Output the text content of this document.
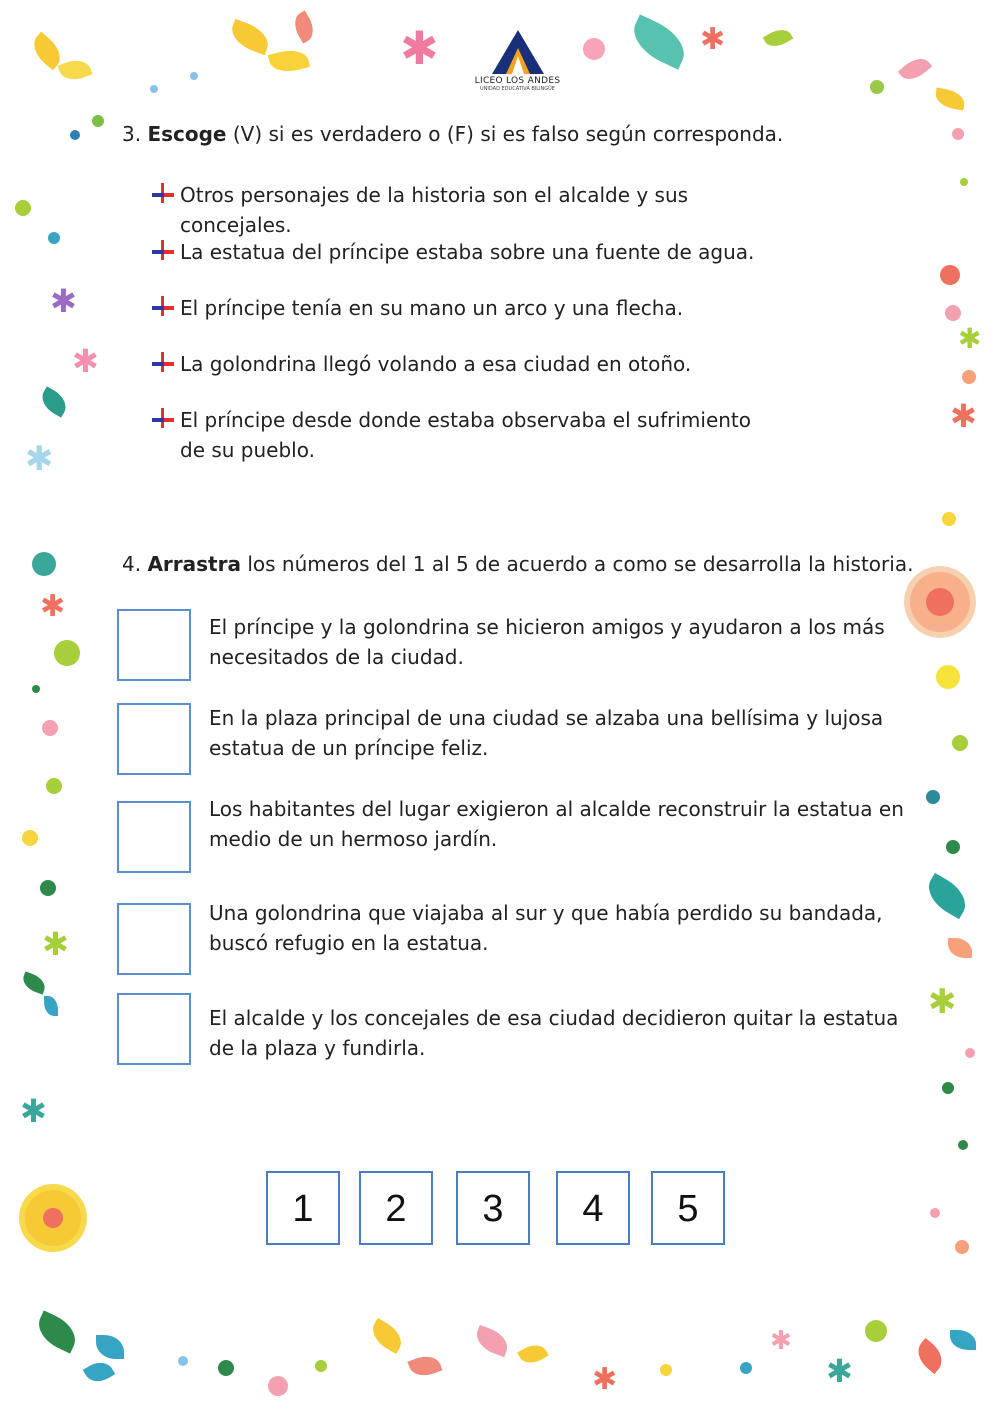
✱	✱
✱
✱
✱
✱
✱
✱
✱
✱
✱
✱
✱
✱
LICEO LOS ANDES
UNIDAD EDUCATIVA BILINGÜE
3. Escoge (V) si es verdadero o (F) si es falso según corresponda.
Otros personajes de la historia son el alcalde y sus concejales.
La estatua del príncipe estaba sobre una fuente de agua.
El príncipe tenía en su mano un arco y una flecha.
La golondrina llegó volando a esa ciudad en otoño.
El príncipe desde donde estaba observaba el sufrimiento de su pueblo.
4. Arrastra los números del 1 al 5 de acuerdo a como se desarrolla la historia.
El príncipe y la golondrina se hicieron amigos y ayudaron a los más necesitados de la ciudad.
En la plaza principal de una ciudad se alzaba una bellísima y lujosa estatua de un príncipe feliz.
Los habitantes del lugar exigieron al alcalde reconstruir la estatua en medio de un hermoso jardín.
Una golondrina que viajaba al sur y que había perdido su bandada, buscó refugio en la estatua.
El alcalde y los concejales de esa ciudad decidieron quitar la estatua de la plaza y fundirla.
1	2	3	4	5
